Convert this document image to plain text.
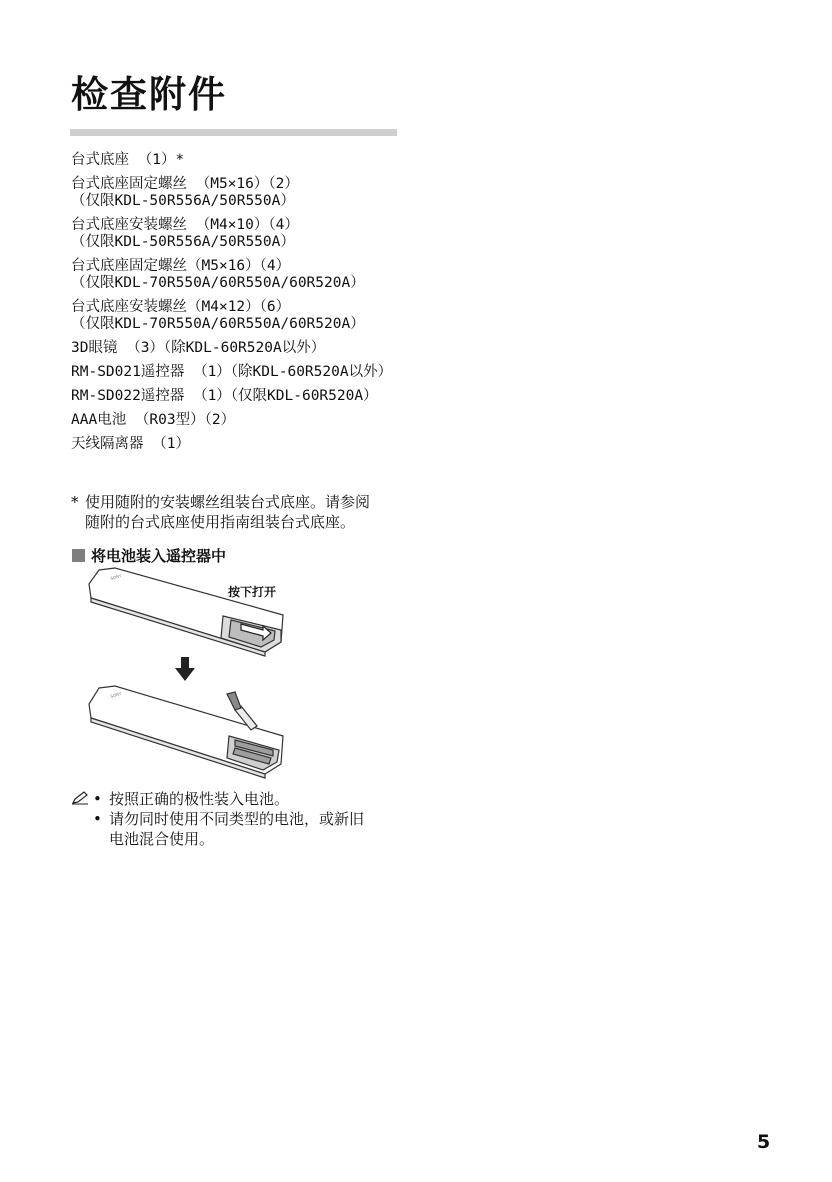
检查附件
台式底座 （1）*
台式底座固定螺丝 （M5×16）（2）
（仅限KDL-50R556A/50R550A）
台式底座安装螺丝 （M4×10）（4）
（仅限KDL-50R556A/50R550A）
台式底座固定螺丝（M5×16）（4）
（仅限KDL-70R550A/60R550A/60R520A）
台式底座安装螺丝（M4×12）（6）
（仅限KDL-70R550A/60R550A/60R520A）
3D眼镜 （3）（除KDL-60R520A以外）
RM-SD021遥控器 （1）（除KDL-60R520A以外）
RM-SD022遥控器 （1）（仅限KDL-60R520A）
AAA电池 （R03型）（2）
天线隔离器 （1）
* 使用随附的安装螺丝组装台式底座。请参阅
随附的台式底座使用指南组装台式底座。
将电池装入遥控器中
SONY
按下打开
SONY

• 按照正确的极性装入电池。

• 请勿同时使用不同类型的电池，或新旧
电池混合使用。

5
